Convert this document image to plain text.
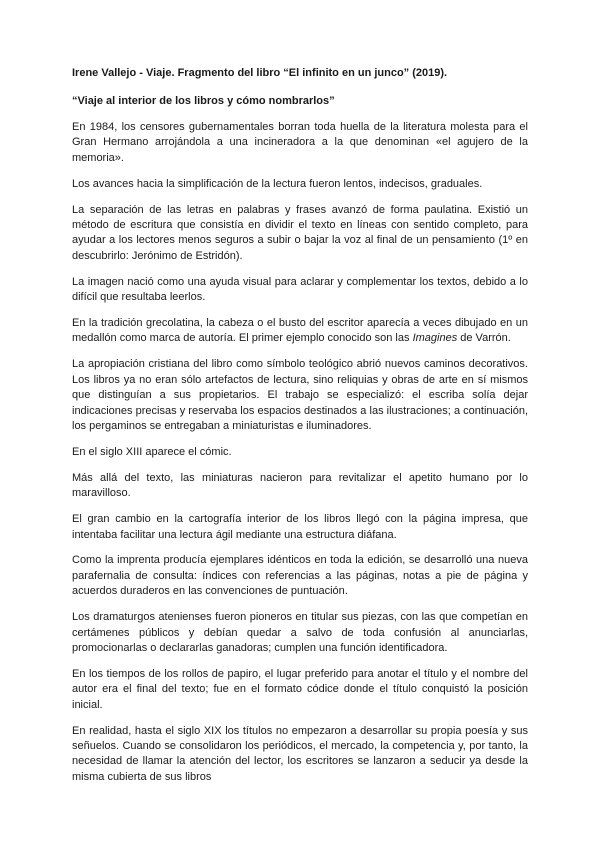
Irene Vallejo - Viaje. Fragmento del libro “El infinito en un junco” (2019).

“Viaje al interior de los libros y cómo nombrarlos”

En 1984, los censores gubernamentales borran toda huella de la literatura molesta para el Gran Hermano arrojándola a una incineradora a la que denominan «el agujero de la memoria».

Los avances hacia la simplificación de la lectura fueron lentos, indecisos, graduales.

La separación de las letras en palabras y frases avanzó de forma paulatina. Existió un método de escritura que consistía en dividir el texto en líneas con sentido completo, para ayudar a los lectores menos seguros a subir o bajar la voz al final de un pensamiento (1º en descubrirlo: Jerónimo de Estridón).

La imagen nació como una ayuda visual para aclarar y complementar los textos, debido a lo difícil que resultaba leerlos.

En la tradición grecolatina, la cabeza o el busto del escritor aparecía a veces dibujado en un medallón como marca de autoría. El primer ejemplo conocido son las Imagines de Varrón.

La apropiación cristiana del libro como símbolo teológico abrió nuevos caminos decorativos. Los libros ya no eran sólo artefactos de lectura, sino reliquias y obras de arte en sí mismos que distinguían a sus propietarios. El trabajo se especializó: el escriba solía dejar indicaciones precisas y reservaba los espacios destinados a las ilustraciones; a continuación, los pergaminos se entregaban a miniaturistas e iluminadores.

En el siglo XIII aparece el cómic.

Más allá del texto, las miniaturas nacieron para revitalizar el apetito humano por lo maravilloso.

El gran cambio en la cartografía interior de los libros llegó con la página impresa, que intentaba facilitar una lectura ágil mediante una estructura diáfana.

Como la imprenta producía ejemplares idénticos en toda la edición, se desarrolló una nueva parafernalia de consulta: índices con referencias a las páginas, notas a pie de página y acuerdos duraderos en las convenciones de puntuación.

Los dramaturgos atenienses fueron pioneros en titular sus piezas, con las que competían en certámenes públicos y debían quedar a salvo de toda confusión al anunciarlas, promocionarlas o declararlas ganadoras; cumplen una función identificadora.

En los tiempos de los rollos de papiro, el lugar preferido para anotar el título y el nombre del autor era el final del texto; fue en el formato códice donde el título conquistó la posición inicial.

En realidad, hasta el siglo XIX los títulos no empezaron a desarrollar su propia poesía y sus señuelos. Cuando se consolidaron los periódicos, el mercado, la competencia y, por tanto, la necesidad de llamar la atención del lector, los escritores se lanzaron a seducir ya desde la misma cubierta de sus libros
